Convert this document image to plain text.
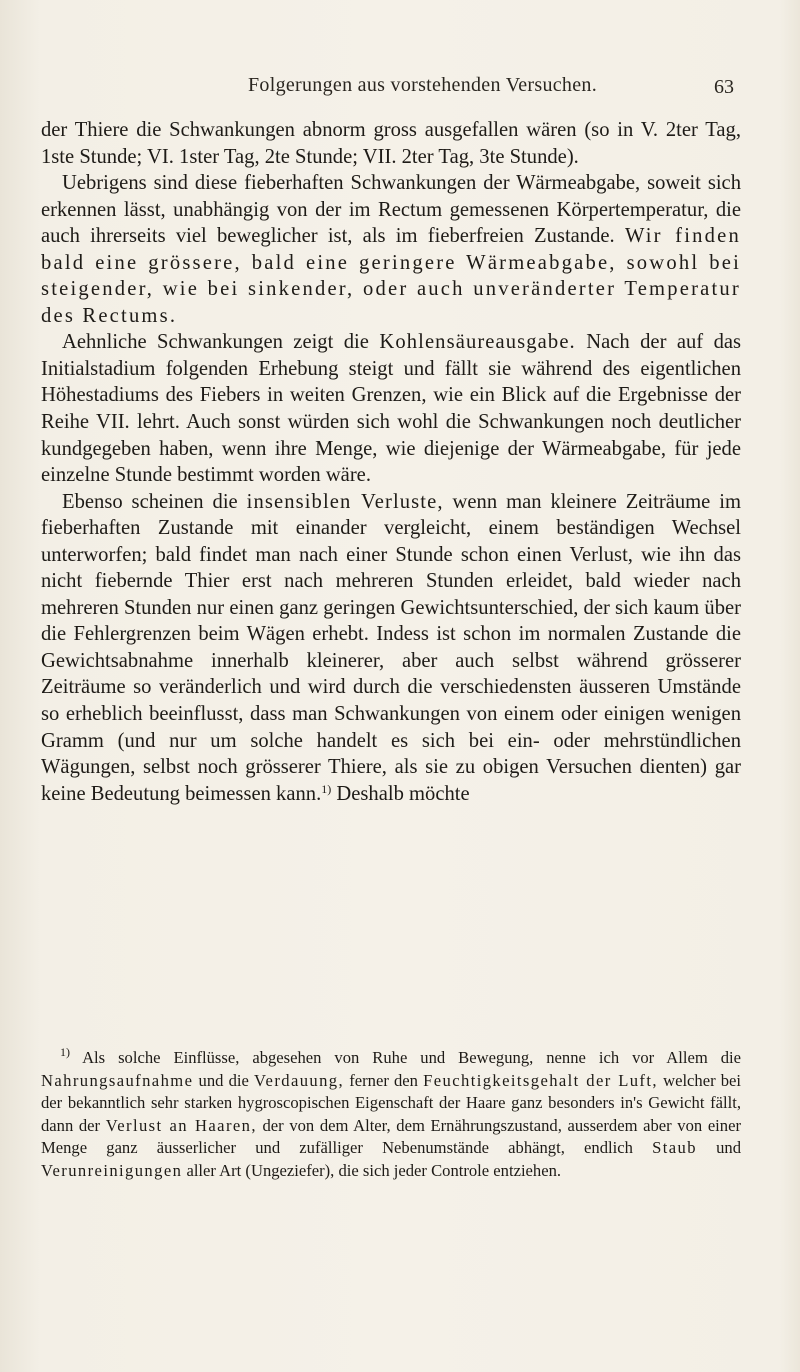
Folgerungen aus vorstehenden Versuchen.	63

der Thiere die Schwankungen abnorm gross ausgefallen wären (so in V. 2ter Tag, 1ste Stunde; VI. 1ster Tag, 2te Stunde; VII. 2ter Tag, 3te Stunde).

Uebrigens sind diese fieberhaften Schwankungen der Wärmeabgabe, soweit sich erkennen lässt, unabhängig von der im Rectum gemessenen Körpertemperatur, die auch ihrerseits viel beweglicher ist, als im fieberfreien Zustande. Wir finden bald eine grössere, bald eine geringere Wärmeabgabe, sowohl bei steigender, wie bei sinkender, oder auch unveränderter Temperatur des Rectums.

Aehnliche Schwankungen zeigt die Kohlensäureausgabe. Nach der auf das Initialstadium folgenden Erhebung steigt und fällt sie während des eigentlichen Höhestadiums des Fiebers in weiten Grenzen, wie ein Blick auf die Ergebnisse der Reihe VII. lehrt. Auch sonst würden sich wohl die Schwankungen noch deutlicher kundgegeben haben, wenn ihre Menge, wie diejenige der Wärmeabgabe, für jede einzelne Stunde bestimmt worden wäre.

Ebenso scheinen die insensiblen Verluste, wenn man kleinere Zeiträume im fieberhaften Zustande mit einander vergleicht, einem beständigen Wechsel unterworfen; bald findet man nach einer Stunde schon einen Verlust, wie ihn das nicht fiebernde Thier erst nach mehreren Stunden erleidet, bald wieder nach mehreren Stunden nur einen ganz geringen Gewichtsunterschied, der sich kaum über die Fehlergrenzen beim Wägen erhebt. Indess ist schon im normalen Zustande die Gewichtsabnahme innerhalb kleinerer, aber auch selbst während grösserer Zeiträume so veränderlich und wird durch die verschiedensten äusseren Umstände so erheblich beeinflusst, dass man Schwankungen von einem oder einigen wenigen Gramm (und nur um solche handelt es sich bei ein- oder mehrstündlichen Wägungen, selbst noch grösserer Thiere, als sie zu obigen Versuchen dienten) gar keine Bedeutung beimessen kann.$^{1)}$ Deshalb möchte

$^{1)}$ Als solche Einflüsse, abgesehen von Ruhe und Bewegung, nenne ich vor Allem die Nahrungsaufnahme und die Verdauung, ferner den Feuchtigkeitsgehalt der Luft, welcher bei der bekanntlich sehr starken hygroscopischen Eigenschaft der Haare ganz besonders in's Gewicht fällt, dann der Verlust an Haaren, der von dem Alter, dem Ernährungszustand, ausserdem aber von einer Menge ganz äusserlicher und zufälliger Nebenumstände abhängt, endlich Staub und Verunreinigungen aller Art (Ungeziefer), die sich jeder Controle entziehen.
